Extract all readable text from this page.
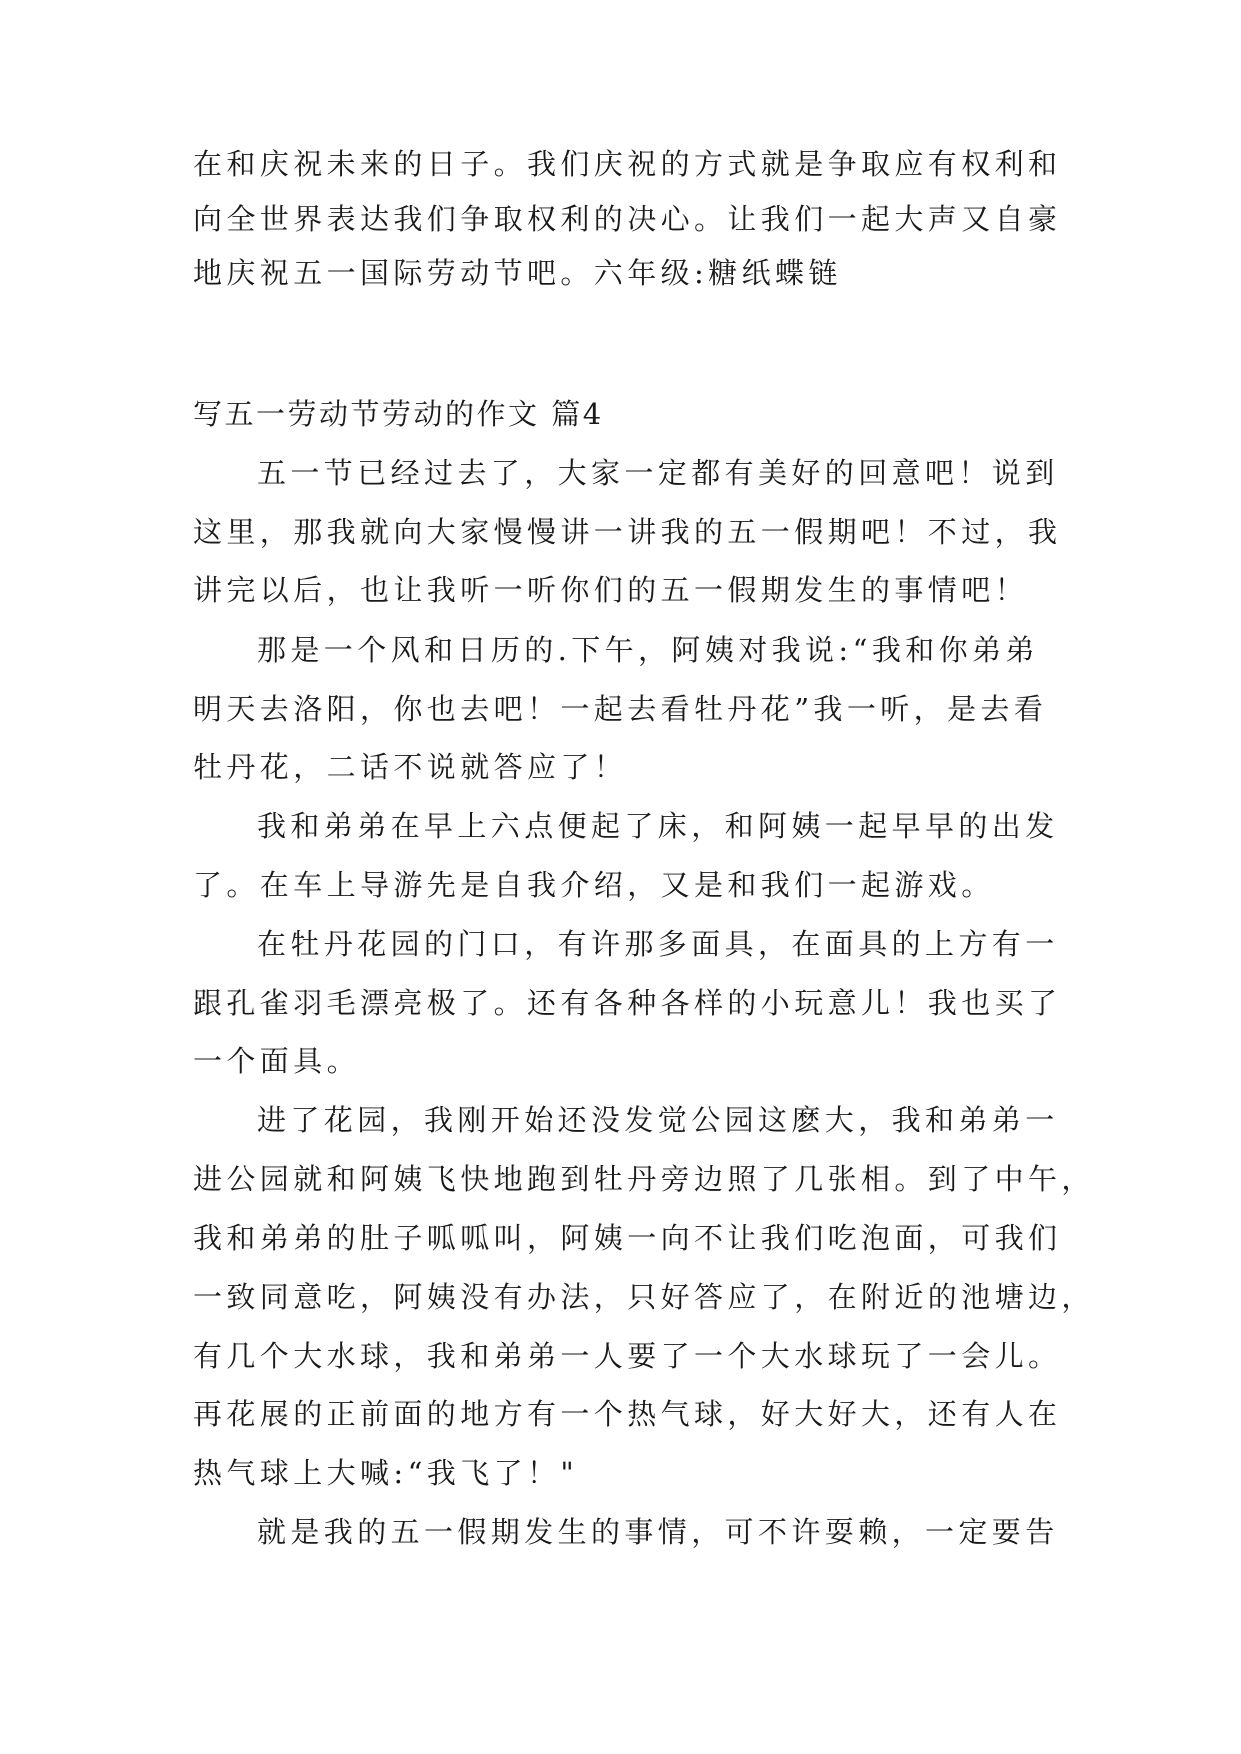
在和庆祝未来的日子。我们庆祝的方式就是争取应有权利和
向全世界表达我们争取权利的决心。让我们一起大声又自豪
地庆祝五一国际劳动节吧。六年级:糖纸蝶链
写五一劳动节劳动的作文 篇4
五一节已经过去了，大家一定都有美好的回意吧！说到
这里，那我就向大家慢慢讲一讲我的五一假期吧！不过，我
讲完以后，也让我听一听你们的五一假期发生的事情吧！
那是一个风和日历的.下午，阿姨对我说:“我和你弟弟
明天去洛阳，你也去吧！一起去看牡丹花”我一听，是去看
牡丹花，二话不说就答应了！
我和弟弟在早上六点便起了床，和阿姨一起早早的出发
了。在车上导游先是自我介绍，又是和我们一起游戏。
在牡丹花园的门口，有许那多面具，在面具的上方有一
跟孔雀羽毛漂亮极了。还有各种各样的小玩意儿！我也买了
一个面具。
进了花园，我刚开始还没发觉公园这麽大，我和弟弟一
进公园就和阿姨飞快地跑到牡丹旁边照了几张相。到了中午，
我和弟弟的肚子呱呱叫，阿姨一向不让我们吃泡面，可我们
一致同意吃，阿姨没有办法，只好答应了，在附近的池塘边，
有几个大水球，我和弟弟一人要了一个大水球玩了一会儿。
再花展的正前面的地方有一个热气球，好大好大，还有人在
热气球上大喊:“我飞了！"
就是我的五一假期发生的事情，可不许耍赖，一定要告
